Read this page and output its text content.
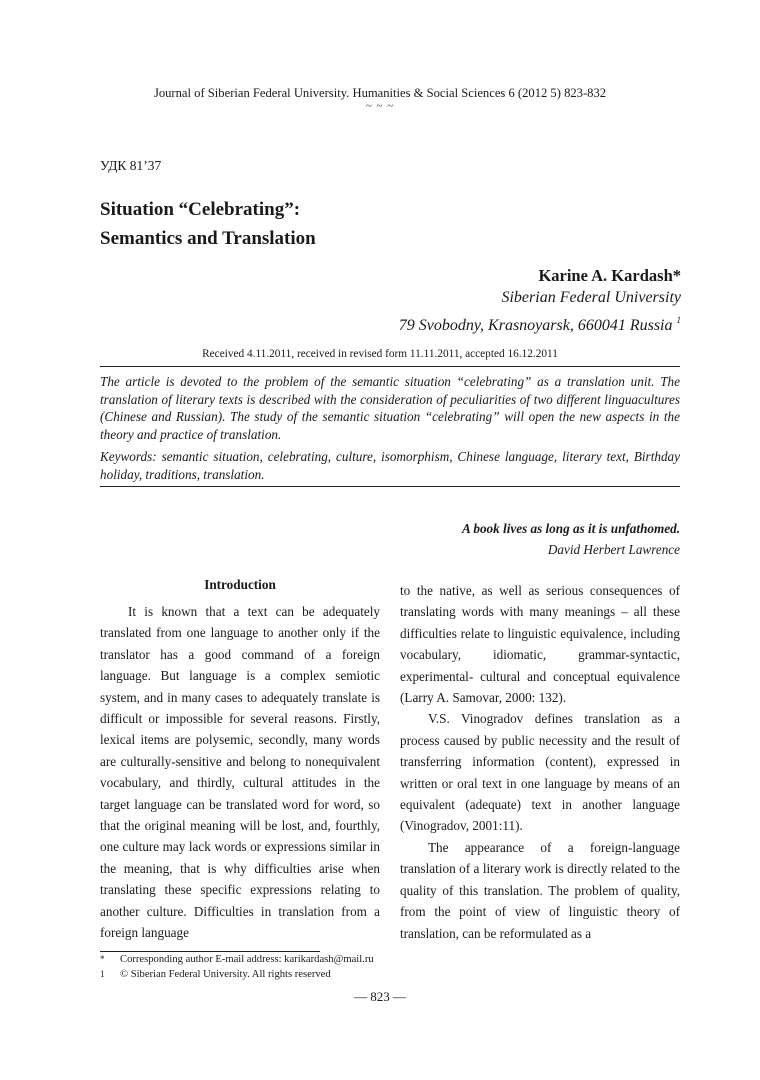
Journal of Siberian Federal University. Humanities & Social Sciences 6 (2012 5) 823-832
~ ~ ~
УДК 81’37
Situation “Celebrating”:
Semantics and Translation
Karine A. Kardash*
Siberian Federal University
79 Svobodny, Krasnoyarsk, 660041 Russia $^1$
Received 4.11.2011, received in revised form 11.11.2011, accepted 16.12.2011
The article is devoted to the problem of the semantic situation “celebrating” as a translation unit. The translation of literary texts is described with the consideration of peculiarities of two different linguacultures (Chinese and Russian). The study of the semantic situation “celebrating” will open the new aspects in the theory and practice of translation.
Keywords: semantic situation, celebrating, culture, isomorphism, Chinese language, literary text, Birthday holiday, traditions, translation.
A book lives as long as it is unfathomed.
David Herbert Lawrence
Introduction

It is known that a text can be adequately translated from one language to another only if the translator has a good command of a foreign language. But language is a complex semiotic system, and in many cases to adequately translate is difficult or impossible for several reasons. Firstly, lexical items are polysemic, secondly, many words are culturally-sensitive and belong to nonequivalent vocabulary, and thirdly, cultural attitudes in the target language can be translated word for word, so that the original meaning will be lost, and, fourthly, one culture may lack words or expressions similar in the meaning, that is why difficulties arise when translating these specific expressions relating to another culture. Difficulties in translation from a foreign language

to the native, as well as serious consequences of translating words with many meanings – all these difficulties relate to linguistic equivalence, including vocabulary, idiomatic, grammar-syntactic, experimental- cultural and conceptual equivalence (Larry A. Samovar, 2000: 132).

V.S. Vinogradov defines translation as a process caused by public necessity and the result of transferring information (content), expressed in written or oral text in one language by means of an equivalent (adequate) text in another language (Vinogradov, 2001:11).

The appearance of a foreign-language translation of a literary work is directly related to the quality of this translation. The problem of quality, from the point of view of linguistic theory of translation, can be reformulated as a

* Corresponding author E-mail address: karikardash@mail.ru
1 © Siberian Federal University. All rights reserved
— 823 —
